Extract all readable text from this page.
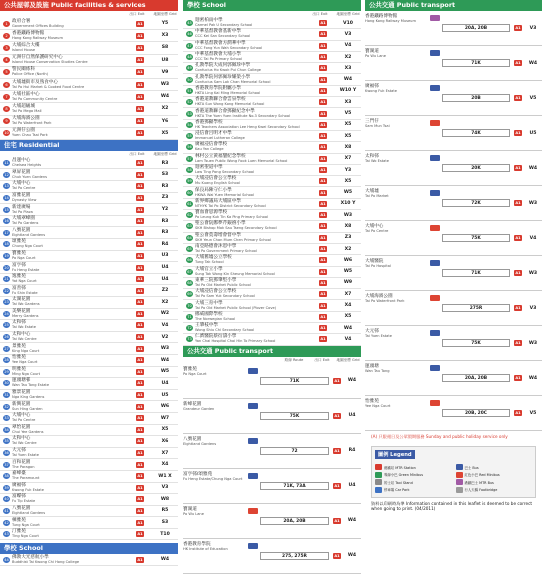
公共屋邨及設施 Public facilities & services
出口 Exit	地圖坐標 Grid
1 政府合署
Government Offices Building	A1	Y5
2 香港鐵路博物館
Hong Kong Railway Museum	A1	X3
3 大埔綜合大樓
Island House	A1	S8
4 元洲仔自然保護研究中心
Island House Conservation Studies Centre	A1	U8
5 警民關係科
Police Office (North)	A1	V9
6 大埔墟街市及熟食中心
Tai Po Hui Market & Cooked Food Centre	A1	W3
7 大埔社區中心
Tai Po Community Centre	A1	W4
8 大埔超級城
Tai Po Mega Mall	A1	X2
9 大埔海濱公園
Tai Po Waterfront Park	A1	Y6
10 元洲仔公園
Yuen Chau Tsai Park	A1	X5
住宅 Residential
出口 Exit	地圖坐標 Grid
11 昌運中心
Chelsea Heights	A1	R3
12 翠屏花園
Chuk Yuen Gardens	A1	S3
13 大埔中心
Tai Po Centre	A1	R3
14 富雅花園
Dynasty View	A1	Z3
15 新達廣場
Tai Po Plaza	A1	Y2
16 大埔翠峰園
Tai Po Gardens	A1	R3
17 八號花園
Eightland Gardens	A1	R3
18 頌雅苑
Chung Nga Court	A1	R4
19 寶雅苑
Po Nga Court	A1	U3
20 富亨邨
Fu Heng Estate	A1	U4
21 逸雅苑
Yat Nga Court	A1	U4
22 富善邨
Fu Shin Estate	A1	Z2
23 太湖花園
Tai Wo Gardens	A1	X2
24 美樂花園
Merry Gardens	A1	W2
25 太和邨
Tai Wo Estate	A1	V4
26 太和中心
Tai Wo Centre	A1	V2
27 景雅苑
King Nga Court	A1	W3
28 怡雅苑
Yee Nga Court	A1	W4
29 明雅苑
Ming Nga Court	A1	W5
30 運頭塘邨
Wan Tau Tong Estate	A1	U4
31 雅景花園
Nga King Gardens	A1	U5
32 新興花園
Sun Hing Garden	A1	W6
33 大埔中心
Tai Po Centre	A1	W7
34 翠怡花園
Chui Yee Gardens	A1	X5
35 太和中心
Tai Wo Centre	A1	X6
36 大元邨
Tai Yuen Estate	A1	X7
37 百和花園
The Paragon	A1	X4
38 嘉峰臺
The Paramount	A1	W1 X
39 廣褔邨
Kwong Fuk Estate	A1	V3
40 富蝶邨
Fu Tip Estate	A1	W8
41 八號花園
Eightland Gardens	A1	R5
42 棟雅苑
Tung Nga Court	A1	S3
43 汀雅苑
Ting Nga Court	A1	T10
學校 School
44 佛教大光慈航小學
Buddhist Tai Kwong Chi Hong College	A1	W4
學校 School
出口 Exit	地圖坐標 Grid
45 迦密柏雨中學
Carmel Pak U Secondary School	A1	V10
46 中華基督教會基新中學
CCC Kei San Secondary School	A1	V3
47 中華基督教會方潤華中學
CCC Fong Yun Wah Secondary School	A1	V4
48 中華基督教會大埔小學
CCC Tai Po Primary School	A1	X2
49 孔教學院大成何郭佩珍中學
Confucius Ho Kwok Pui Chun College	A1	X3
50 孔教學院何郭佩珍耀榮小學
Confucius Sam Lok Chan Memorial School	A1	W4
51 香港教育學院附屬小學
HKTA Ling Kai Ming Memorial School	A1	W10 Y
52 香港道教聯合會雲泉學校
HKTA Sun Wong Kong Memorial School	A1	X3
53 香港道教聯合會鄧顯紀念中學
HKTA The Yuen Yuen Institute No.3 Secondary School	A1	V5
54 香港鄧顯學校
HK Teachers Association Lee Heng Kwei Secondary School	A1	X5
55 浸信會呂明才中學
Immanuel Lutheran College	A1	X5
56 廣褔浸信會學校
Kau Yan College	A1	X8
57 林村公立黃福鑾紀念學校
Lam Tsuen Public Wong Fook Luen Memorial School	A1	X7
58 迦密聖道中學
Law Ting Pong Secondary School	A1	Y3
59 大埔浸信會公立學校
Mu Kuang English School	A1	X5
60 保良局陳守仁小學
HKWA Wai Yuen Memorial School	A1	W5
61 新界鄉議局大埔區中學
NTHYK Tai Po District Secondary School	A1	X10 Y
62 寶血會思源學校
Po Leung Kuk Tin Ka Ping Primary School	A1	W3
63 聖公會阮鄭夢芹銀禧小學
SKH Bishop Mok Sau Tseng Secondary School	A1	X8
64 聖公會莫壽增會督中學
SKH Yeun Chan Mum Chen Primary School	A1	Z3
65 南亞路德會沐恩中學
Tai Po Government Primary School	A1	X2
66 大埔舊墟公立學校
Tung Tak School	A1	W6
67 大埔官立小學
Sung Tak Wong Kin Sheung Memorial School	A1	W5
68 東華三院鄧肇堅小學
Tai Po Old Market Public School	A1	W9
69 大埔浸信會公立學校
Tai Po Sam Yuk Secondary School	A1	X7
70 大埔三育中學
Tai Po Old Market Public School (Plover Cove)	A1	X4
71 挪威國際學校
The Norwegian School	A1	X5
72 王肇枝中學
Wong Shiu Chi Secondary School	A1	W4
73 仁濟醫院蔡衍濤小學
Yan Chai Hospital Choi Hin To Primary School	A1	V4
公共交通 Public transport
路線 Route	出口 Exit	地圖坐標 Grid
寶雅苑
Po Nga Court
71K	A1	W4
新峰花園
Grandeur Garden
75K	A1	U4
八號花園
Eightland Gardens
72	A1	R4
富亨邨/頌雅苑
Fu Heng Estate/Chung Nga Court
71K, 73A	A1	U4
寶湖道
Po Wu Lane
20A, 20B	A1	W4
香港教育學院
HK Institute of Education
275, 275R	A1	W4
公共交通 Public transport
香港鐵路博物館
Hong Kong Railway Museum
20A, 20B	A1	V3
寶湖道
Po Wu Lane
71K	A1	W4
廣褔邨
Kwong Fuk Estate
20B	A1	V5
三門仔
Sam Mun Tsai
74K	A1	U5
太和邨
Tai Wo Estate
20K	A1	W4
大埔墟
Tai Po Market
72K	A1	W3
大埔中心
Tai Po Centre
75K	A1	V4
大埔醫院
Tai Po Hospital
71K	A1	W3
大埔海濱公園
Tai Po Waterfront Park
275R	A1	V3
大元邨
Tai Yuen Estate
75K	A1	W3
運頭塘
Wan Tau Tong
20A, 20B	A1	W4
怡雅苑
Yee Nga Court
20B, 20C	A1	V5
(A) 只限週日及公眾假期服務 Sunday and public holiday service only
圖例 Legend
港鐵站 MTR Station	巴士 Bus
專線小巴 Green Minibus	紅色小巴 Red Minibus
的士站 Taxi Stand	港鐵巴士 MTR Bus
停車場 Car Park	行人天橋 Footbridge
資料以印刷時為準 Information contained in this leaflet is deemed to be correct when going to print. (04/2011)
